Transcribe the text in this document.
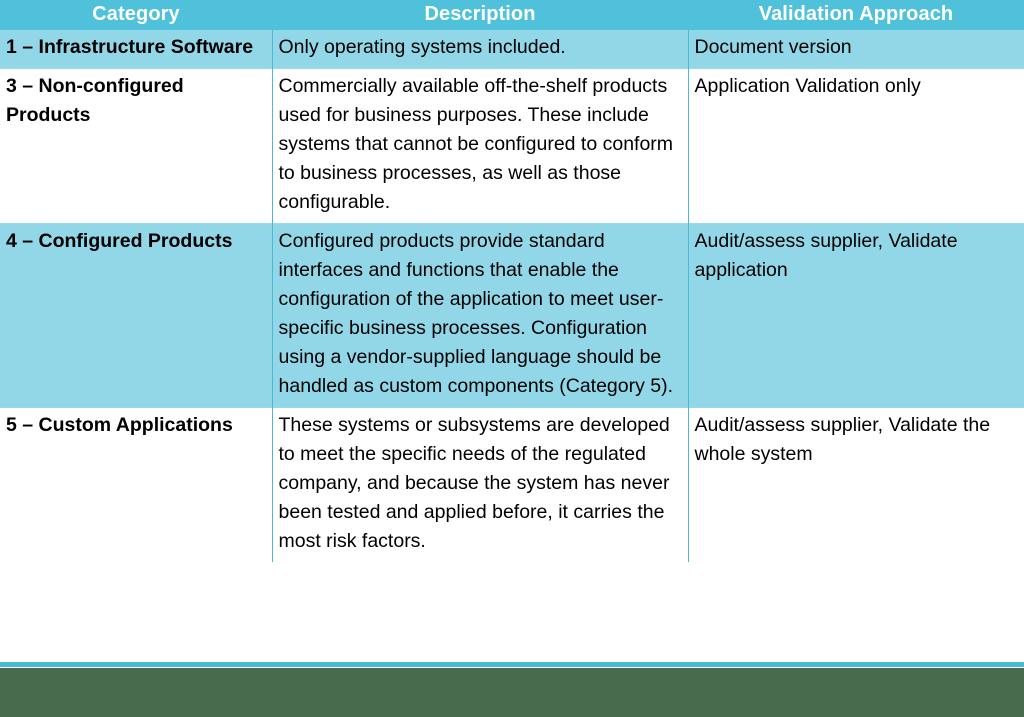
Category	Description	Validation Approach
1 – Infrastructure Software	Only operating systems included.	Document version
3 – Non-configured Products	Commercially available off-the-shelf products used for business purposes. These include systems that cannot be configured to conform to business processes, as well as those configurable.	Application Validation only
4 – Configured Products	Configured products provide standard interfaces and functions that enable the configuration of the application to meet user-specific business processes. Configuration using a vendor-supplied language should be handled as custom components (Category 5).	Audit/assess supplier, Validate application
5 – Custom Applications	These systems or subsystems are developed to meet the specific needs of the regulated company, and because the system has never been tested and applied before, it carries the most risk factors.	Audit/assess supplier, Validate the whole system
